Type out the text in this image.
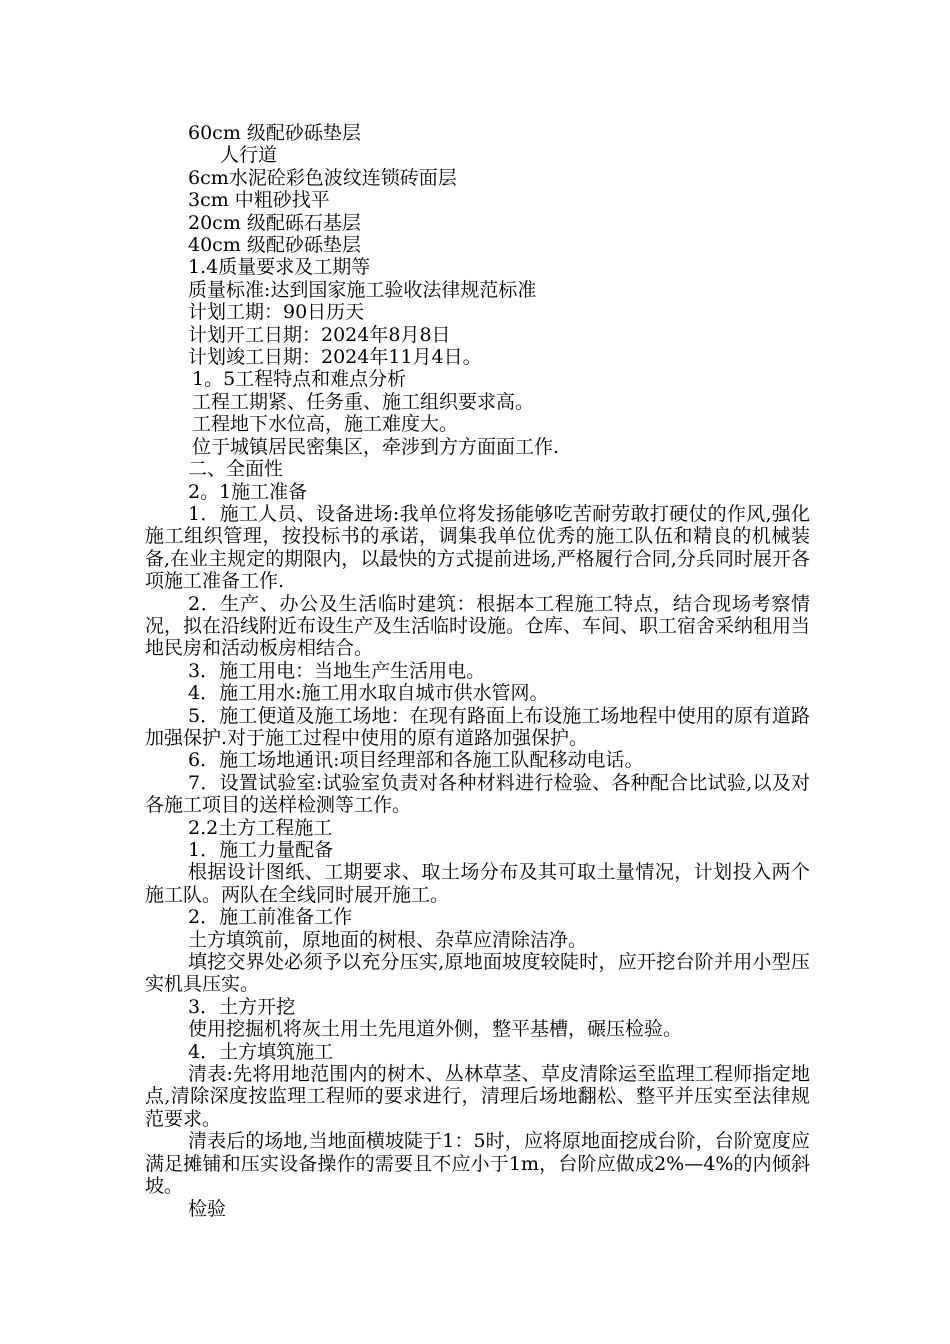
60cm 级配砂砾垫层

人行道

6cm水泥砼彩色波纹连锁砖面层

3cm 中粗砂找平

20cm 级配砾石基层

40cm 级配砂砾垫层

1.4质量要求及工期等

质量标准:达到国家施工验收法律规范标准

计划工期：90日历天

计划开工日期：2024年8月8日

计划竣工日期：2024年11月4日。

1。5工程特点和难点分析

工程工期紧、任务重、施工组织要求高。

工程地下水位高，施工难度大。

位于城镇居民密集区，牵涉到方方面面工作.

二、全面性

2。1施工准备

1．施工人员、设备进场:我单位将发扬能够吃苦耐劳敢打硬仗的作风,强化施工组织管理，按投标书的承诺，调集我单位优秀的施工队伍和精良的机械装备,在业主规定的期限内，以最快的方式提前进场,严格履行合同,分兵同时展开各项施工准备工作.

2．生产、办公及生活临时建筑：根据本工程施工特点，结合现场考察情况，拟在沿线附近布设生产及生活临时设施。仓库、车间、职工宿舍采纳租用当地民房和活动板房相结合。

3．施工用电：当地生产生活用电。

4．施工用水:施工用水取自城市供水管网。

5．施工便道及施工场地：在现有路面上布设施工场地程中使用的原有道路加强保护.对于施工过程中使用的原有道路加强保护。

6．施工场地通讯:项目经理部和各施工队配移动电话。

7．设置试验室:试验室负责对各种材料进行检验、各种配合比试验,以及对各施工项目的送样检测等工作。

2.2土方工程施工

1．施工力量配备

根据设计图纸、工期要求、取土场分布及其可取土量情况，计划投入两个施工队。两队在全线同时展开施工。

2．施工前准备工作

土方填筑前，原地面的树根、杂草应清除洁净。

填挖交界处必须予以充分压实,原地面坡度较陡时，应开挖台阶并用小型压实机具压实。

3．土方开挖

使用挖掘机将灰土用土先甩道外侧，整平基槽，碾压检验。

4．土方填筑施工

清表:先将用地范围内的树木、丛林草茎、草皮清除运至监理工程师指定地点,清除深度按监理工程师的要求进行，清理后场地翻松、整平并压实至法律规范要求。

清表后的场地,当地面横坡陡于1：5时，应将原地面挖成台阶，台阶宽度应满足摊铺和压实设备操作的需要且不应小于1m，台阶应做成2%—4%的内倾斜坡。

检验
